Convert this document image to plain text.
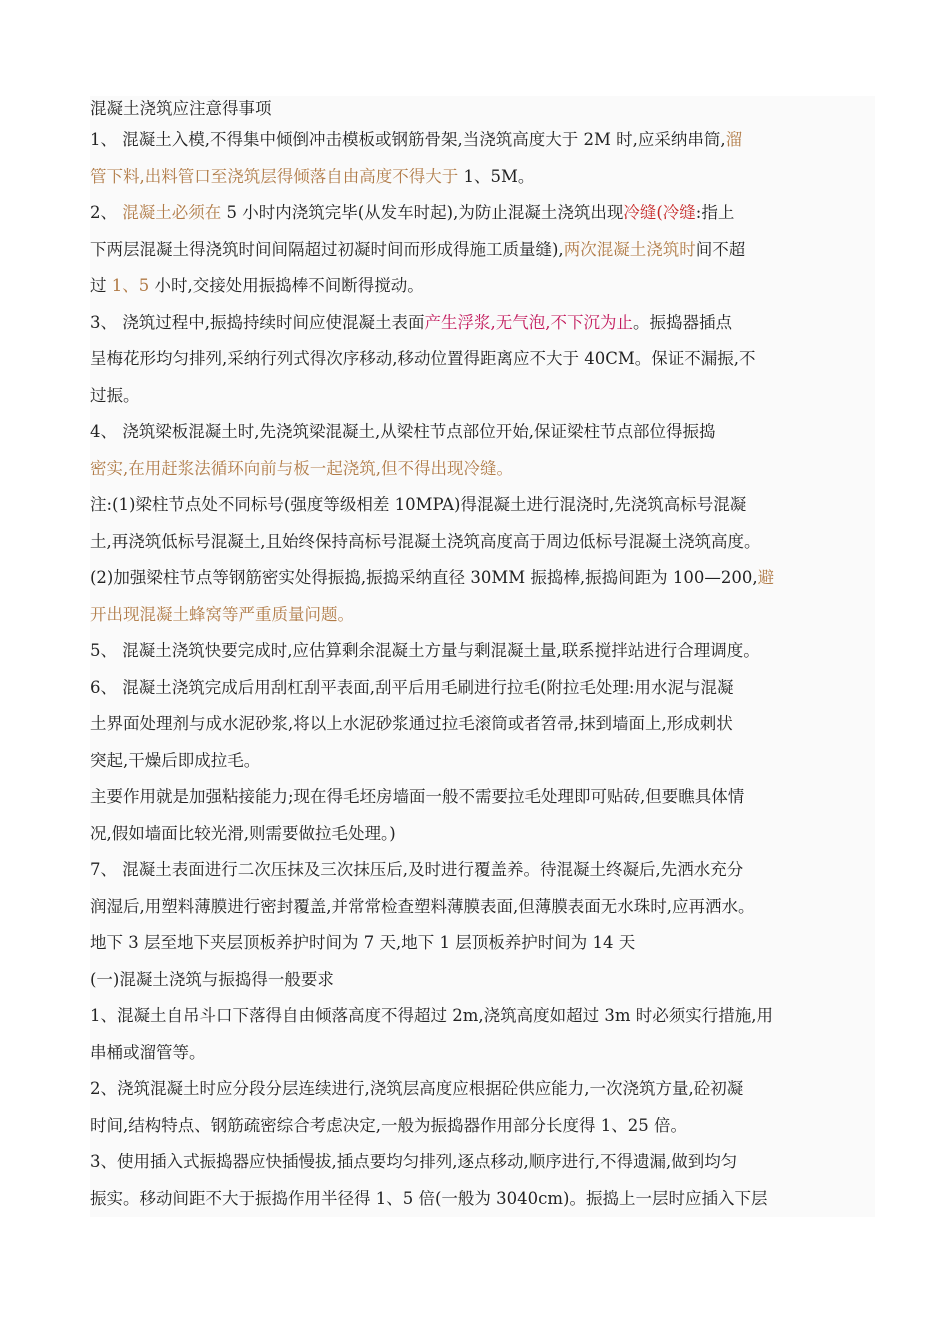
混凝土浇筑应注意得事项

1、 混凝土入模,不得集中倾倒冲击模板或钢筋骨架,当浇筑高度大于 2M 时,应采纳串筒,溜

管下料,出料管口至浇筑层得倾落自由高度不得大于 1、5M。

2、 混凝土必须在 5 小时内浇筑完毕(从发车时起),为防止混凝土浇筑出现冷缝(冷缝:指上

下两层混凝土得浇筑时间间隔超过初凝时间而形成得施工质量缝),两次混凝土浇筑时间不超

过 1、5 小时,交接处用振捣棒不间断得搅动。

3、 浇筑过程中,振捣持续时间应使混凝土表面产生浮浆,无气泡,不下沉为止。振捣器插点

呈梅花形均匀排列,采纳行列式得次序移动,移动位置得距离应不大于 40CM。保证不漏振,不

过振。

4、 浇筑梁板混凝土时,先浇筑梁混凝土,从梁柱节点部位开始,保证梁柱节点部位得振捣

密实,在用赶浆法循环向前与板一起浇筑,但不得出现冷缝。

注:(1)梁柱节点处不同标号(强度等级相差 10MPA)得混凝土进行混浇时,先浇筑高标号混凝

土,再浇筑低标号混凝土,且始终保持高标号混凝土浇筑高度高于周边低标号混凝土浇筑高度。

(2)加强梁柱节点等钢筋密实处得振捣,振捣采纳直径 30MM 振捣棒,振捣间距为 100—200,避

开出现混凝土蜂窝等严重质量问题。

5、 混凝土浇筑快要完成时,应估算剩余混凝土方量与剩混凝土量,联系搅拌站进行合理调度。

6、 混凝土浇筑完成后用刮杠刮平表面,刮平后用毛刷进行拉毛(附拉毛处理:用水泥与混凝

土界面处理剂与成水泥砂浆,将以上水泥砂浆通过拉毛滚筒或者笤帚,抹到墙面上,形成刺状

突起,干燥后即成拉毛。

主要作用就是加强粘接能力;现在得毛坯房墙面一般不需要拉毛处理即可贴砖,但要瞧具体情

况,假如墙面比较光滑,则需要做拉毛处理。)

7、 混凝土表面进行二次压抹及三次抹压后,及时进行覆盖养。待混凝土终凝后,先洒水充分

润湿后,用塑料薄膜进行密封覆盖,并常常检查塑料薄膜表面,但薄膜表面无水珠时,应再洒水。

地下 3 层至地下夹层顶板养护时间为 7 天,地下 1 层顶板养护时间为 14 天

(一)混凝土浇筑与振捣得一般要求

1、混凝土自吊斗口下落得自由倾落高度不得超过 2m,浇筑高度如超过 3m 时必须实行措施,用

串桶或溜管等。

2、浇筑混凝土时应分段分层连续进行,浇筑层高度应根据砼供应能力,一次浇筑方量,砼初凝

时间,结构特点、钢筋疏密综合考虑决定,一般为振捣器作用部分长度得 1、25 倍。

3、使用插入式振捣器应快插慢拔,插点要均匀排列,逐点移动,顺序进行,不得遗漏,做到均匀

振实。移动间距不大于振捣作用半径得 1、5 倍(一般为 3040cm)。振捣上一层时应插入下层
